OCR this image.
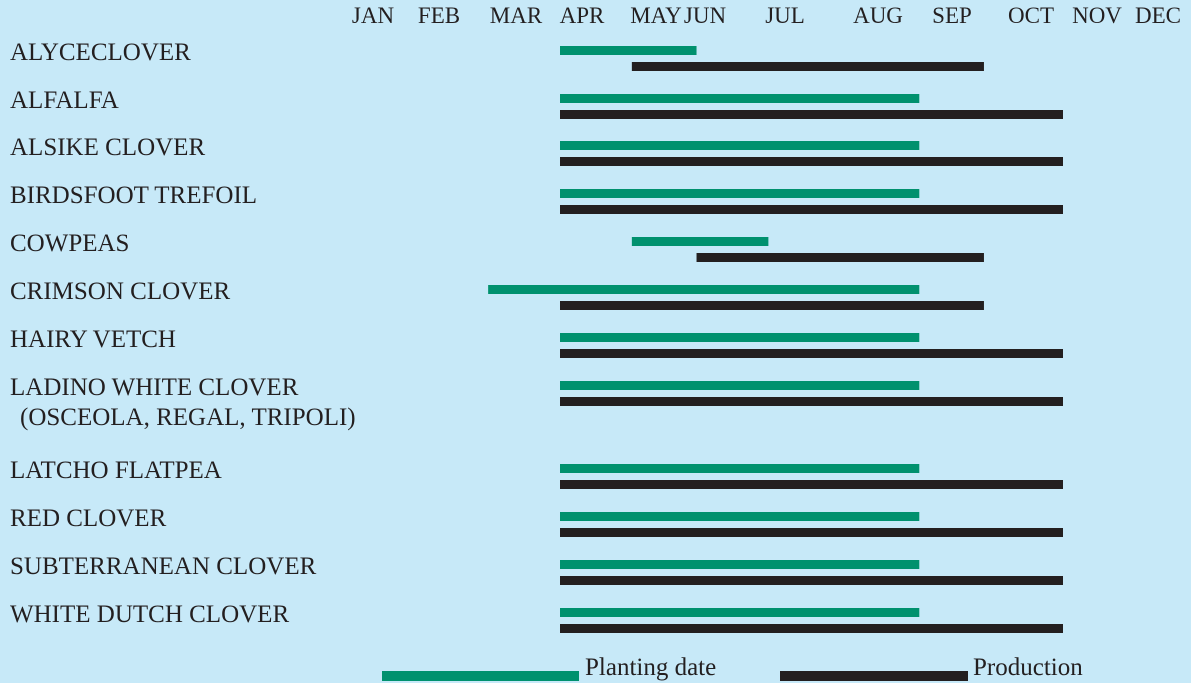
JAN FEB MAR APR MAY JUN JUL AUG SEP OCT NOV DEC
ALYCECLOVER
ALFALFA
ALSIKE CLOVER
BIRDSFOOT TREFOIL
COWPEAS
CRIMSON CLOVER
HAIRY VETCH
LADINO WHITE CLOVER
(OSCEOLA, REGAL, TRIPOLI)
LATCHO FLATPEA
RED CLOVER
SUBTERRANEAN CLOVER
WHITE DUTCH CLOVER
Planting date	Production
